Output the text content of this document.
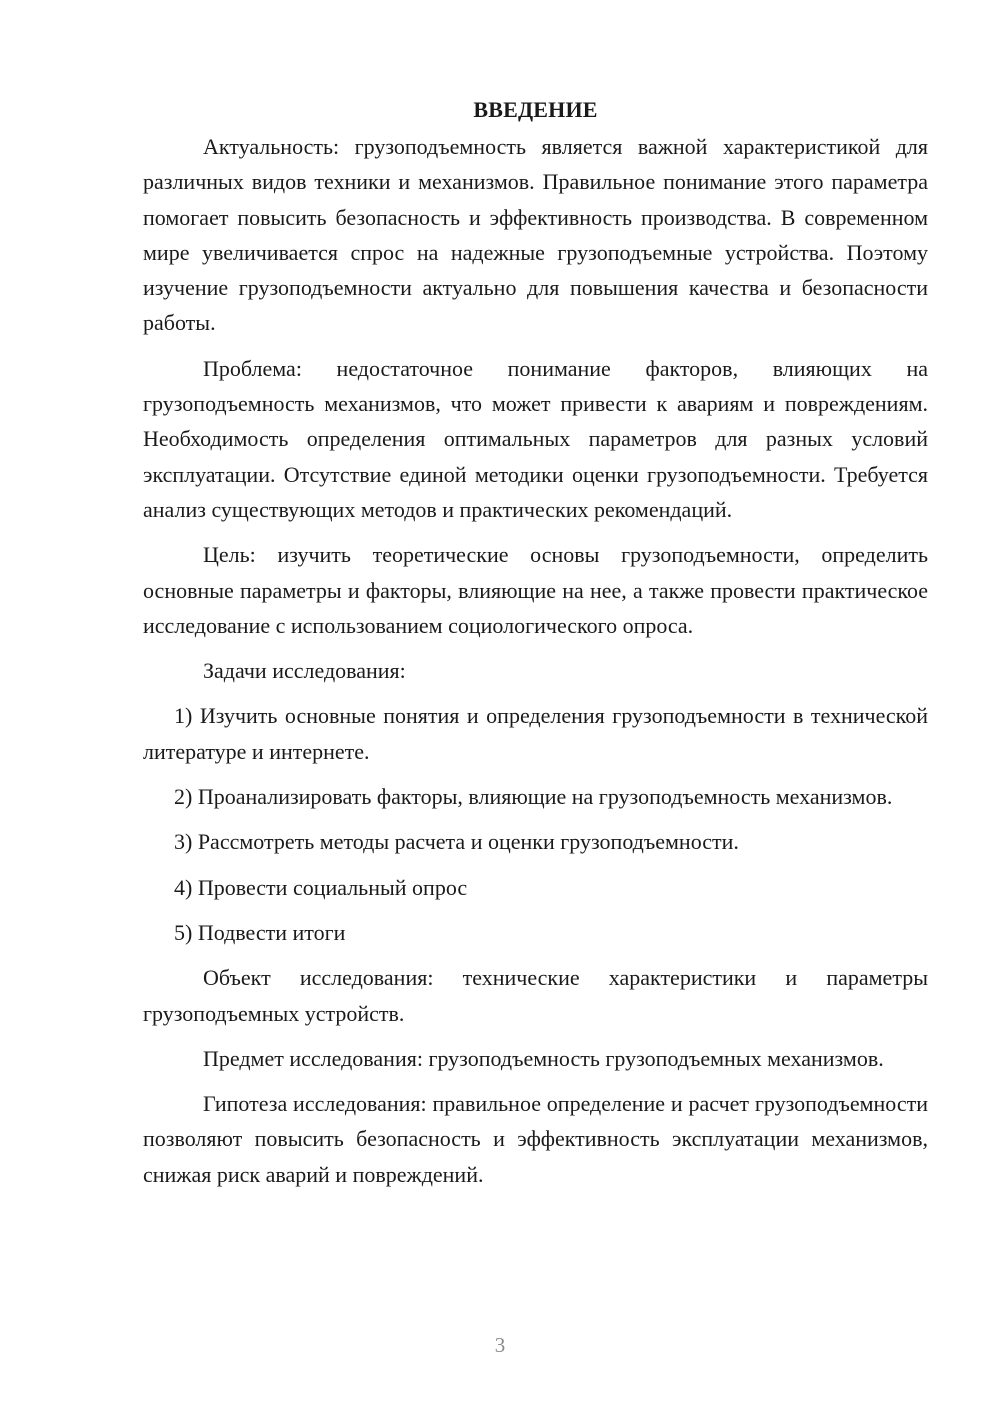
ВВЕДЕНИЕ

Актуальность: грузоподъемность является важной характеристикой для различных видов техники и механизмов. Правильное понимание этого параметра помогает повысить безопасность и эффективность производства. В современном мире увеличивается спрос на надежные грузоподъемные устройства. Поэтому изучение грузоподъемности актуально для повышения качества и безопасности работы.

Проблема: недостаточное понимание факторов, влияющих на грузоподъемность механизмов, что может привести к авариям и повреждениям. Необходимость определения оптимальных параметров для разных условий эксплуатации. Отсутствие единой методики оценки грузоподъемности. Требуется анализ существующих методов и практических рекомендаций.

Цель: изучить теоретические основы грузоподъемности, определить основные параметры и факторы, влияющие на нее, а также провести практическое исследование с использованием социологического опроса.

Задачи исследования:

1) Изучить основные понятия и определения грузоподъемности в технической литературе и интернете.

2) Проанализировать факторы, влияющие на грузоподъемность механизмов.

3) Рассмотреть методы расчета и оценки грузоподъемности.

4) Провести социальный опрос

5) Подвести итоги

Объект исследования: технические характеристики и параметры грузоподъемных устройств.

Предмет исследования: грузоподъемность грузоподъемных механизмов.

Гипотеза исследования: правильное определение и расчет грузоподъемности позволяют повысить безопасность и эффективность эксплуатации механизмов, снижая риск аварий и повреждений.

3
